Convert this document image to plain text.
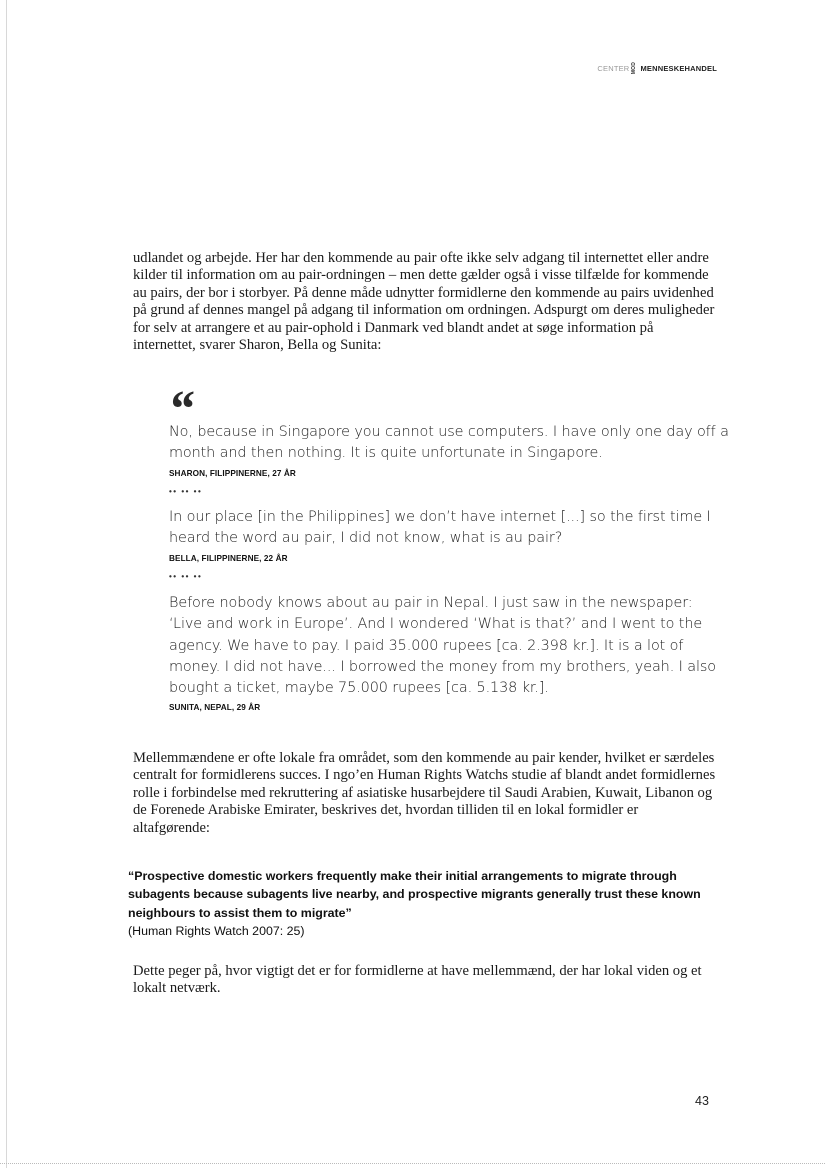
CENTER MOD MENNESKEHANDEL

udlandet og arbejde. Her har den kommende au pair ofte ikke selv adgang til internettet eller andre kilder til information om au pair-ordningen – men dette gælder også i visse tilfælde for kommende au pairs, der bor i storbyer. På denne måde udnytter formidlerne den kommende au pairs uvidenhed på grund af dennes mangel på adgang til information om ordningen. Adspurgt om deres muligheder for selv at arrangere et au pair-ophold i Danmark ved blandt andet at søge information på internettet, svarer Sharon, Bella og Sunita:

“

No, because in Singapore you cannot use computers. I have only one day off a month and then nothing. It is quite unfortunate in Singapore.

SHARON, FILIPPINERNE, 27 ÅR
•• •• ••

In our place [in the Philippines] we don’t have internet [...] so the first time I heard the word au pair, I did not know, what is au pair?

BELLA, FILIPPINERNE, 22 ÅR
•• •• ••

Before nobody knows about au pair in Nepal. I just saw in the newspaper: ‘Live and work in Europe’. And I wondered ‘What is that?’ and I went to the agency. We have to pay. I paid 35.000 rupees [ca. 2.398 kr.]. It is a lot of money. I did not have... I borrowed the money from my brothers, yeah. I also bought a ticket, maybe 75.000 rupees [ca. 5.138 kr.].

SUNITA, NEPAL, 29 ÅR

Mellemmændene er ofte lokale fra området, som den kommende au pair kender, hvilket er særdeles centralt for formidlerens succes. I ngo’en Human Rights Watchs studie af blandt andet formidlernes rolle i forbindelse med rekruttering af asiatiske husarbejdere til Saudi Arabien, Kuwait, Libanon og de Forenede Arabiske Emirater, beskrives det, hvordan tilliden til en lokal formidler er altafgørende:

“Prospective domestic workers frequently make their initial arrangements to migrate through subagents because subagents live nearby, and prospective migrants generally trust these known neighbours to assist them to migrate”

(Human Rights Watch 2007: 25)

Dette peger på, hvor vigtigt det er for formidlerne at have mellemmænd, der har lokal viden og et lokalt netværk.

43
